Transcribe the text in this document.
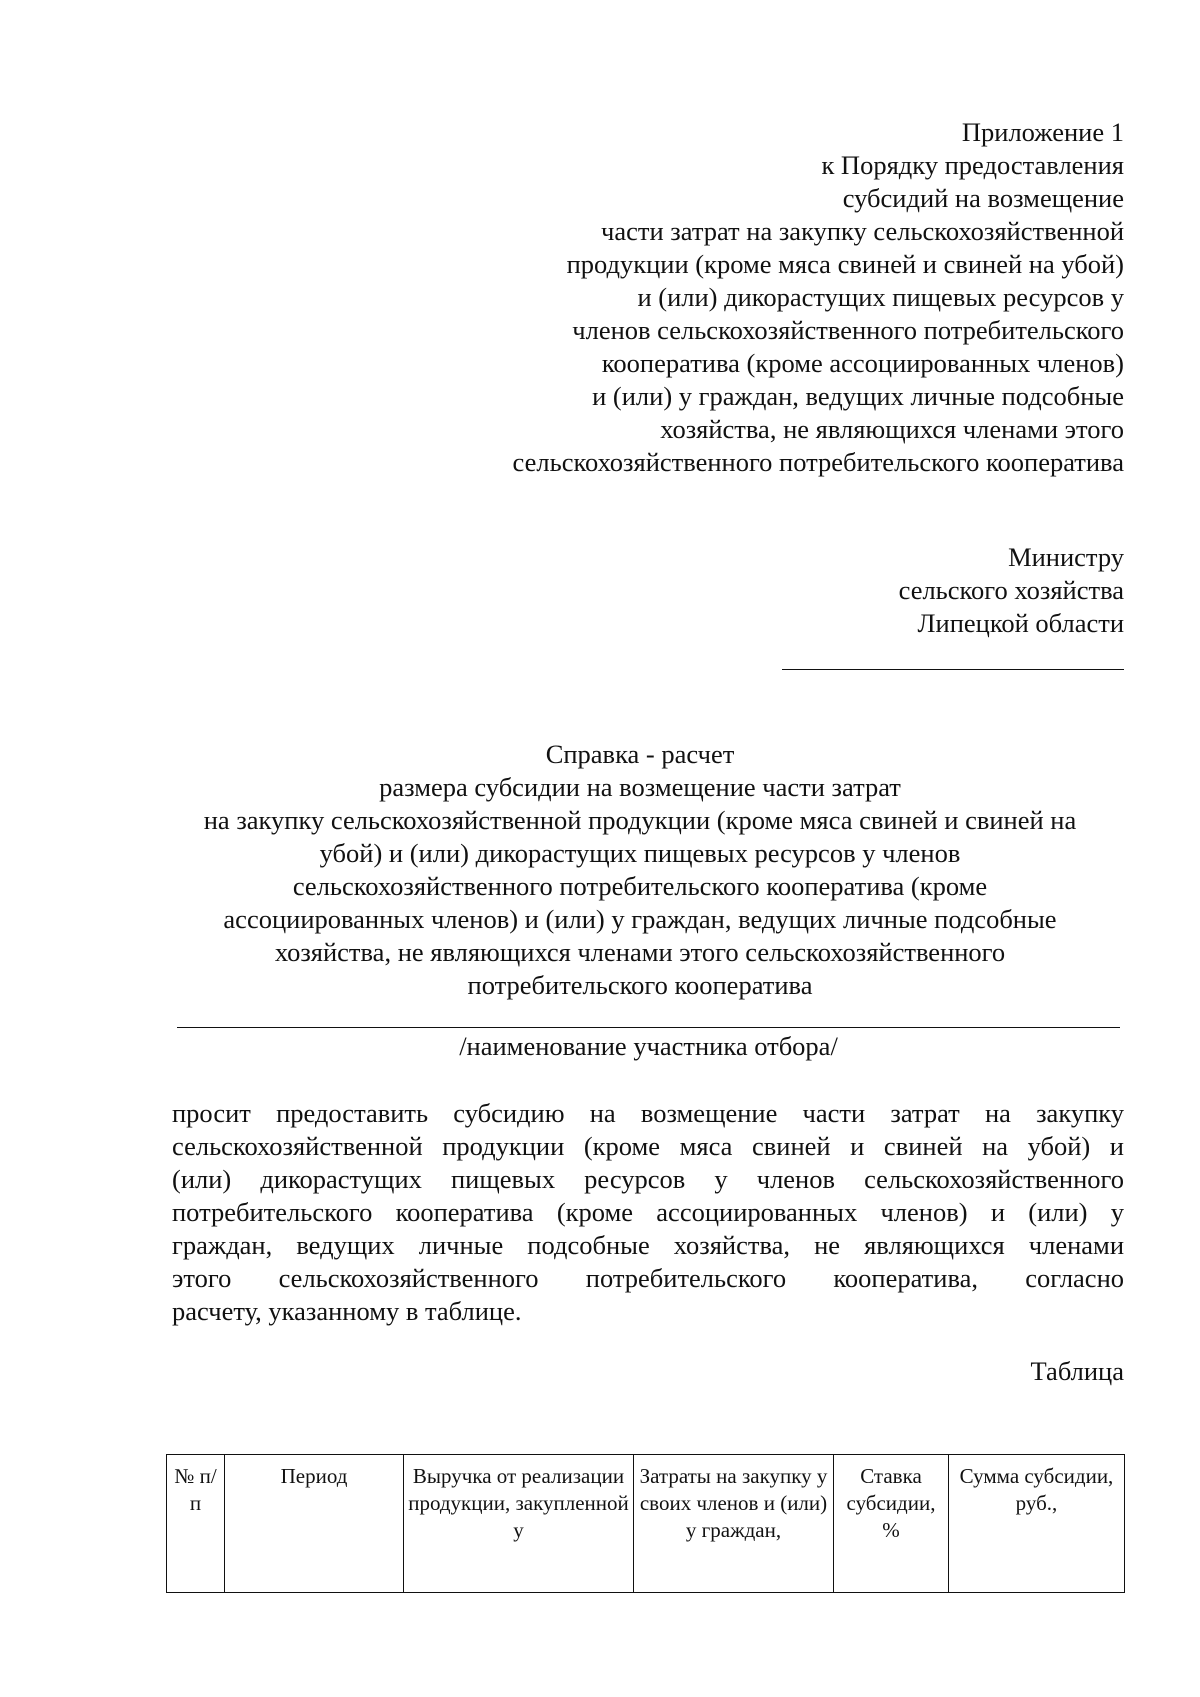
Приложение 1
к Порядку предоставления
субсидий на возмещение
части затрат на закупку сельскохозяйственной
продукции (кроме мяса свиней и свиней на убой)
и (или) дикорастущих пищевых ресурсов у
членов сельскохозяйственного потребительского
кооператива (кроме ассоциированных членов)
и (или) у граждан, ведущих личные подсобные
хозяйства, не являющихся членами этого
сельскохозяйственного потребительского кооператива
Министру
сельского хозяйства
Липецкой области
Справка - расчет
размера субсидии на возмещение части затрат
на закупку сельскохозяйственной продукции (кроме мяса свиней и свиней на
убой) и (или) дикорастущих пищевых ресурсов у членов
сельскохозяйственного потребительского кооператива (кроме
ассоциированных членов) и (или) у граждан, ведущих личные подсобные
хозяйства, не являющихся членами этого сельскохозяйственного
потребительского кооператива
/наименование участника отбора/
просит предоставить субсидию на возмещение части затрат на закупку
сельскохозяйственной продукции (кроме мяса свиней и свиней на убой) и
(или) дикорастущих пищевых ресурсов у членов сельскохозяйственного
потребительского кооператива (кроме ассоциированных членов) и (или) у
граждан, ведущих личные подсобные хозяйства, не являющихся членами
этого сельскохозяйственного потребительского кооператива, согласно
расчету, указанному в таблице.
Таблица
№ п/п	Период	Выручка от реализации продукции, закупленной у	Затраты на закупку у своих членов и (или) у граждан,	Ставка субсидии, %	Сумма субсидии, руб.,
